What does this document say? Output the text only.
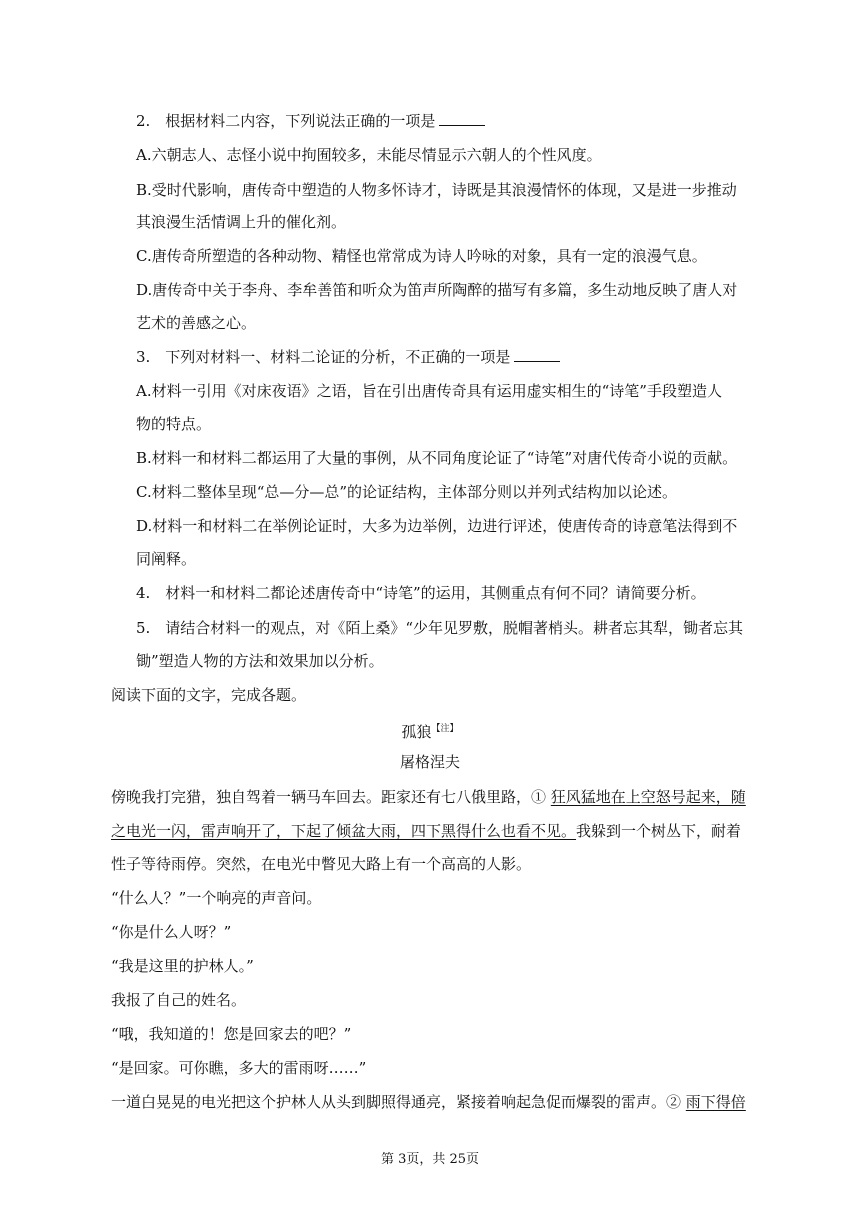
2.　根据材料二内容，下列说法正确的一项是
A.六朝志人、志怪小说中拘囿较多，未能尽情显示六朝人的个性风度。
B.受时代影响，唐传奇中塑造的人物多怀诗才，诗既是其浪漫情怀的体现，又是进一步推动
其浪漫生活情调上升的催化剂。
C.唐传奇所塑造的各种动物、精怪也常常成为诗人吟咏的对象，具有一定的浪漫气息。
D.唐传奇中关于李舟、李牟善笛和听众为笛声所陶醉的描写有多篇，多生动地反映了唐人对
艺术的善感之心。
3.　下列对材料一、材料二论证的分析，不正确的一项是
A.材料一引用《对床夜语》之语，旨在引出唐传奇具有运用虚实相生的“诗笔”手段塑造人
物的特点。
B.材料一和材料二都运用了大量的事例，从不同角度论证了“诗笔”对唐代传奇小说的贡献。
C.材料二整体呈现“总—分—总”的论证结构，主体部分则以并列式结构加以论述。
D.材料一和材料二在举例论证时，大多为边举例，边进行评述，使唐传奇的诗意笔法得到不
同阐释。
4.　材料一和材料二都论述唐传奇中“诗笔”的运用，其侧重点有何不同？请简要分析。
5.　请结合材料一的观点，对《陌上桑》“少年见罗敷，脱帽著梢头。耕者忘其犁，锄者忘其
锄”塑造人物的方法和效果加以分析。
阅读下面的文字，完成各题。
孤狼$^{【注】}$
屠格涅夫
傍晚我打完猎，独自驾着一辆马车回去。距家还有七八俄里路，① 狂风猛地在上空怒号起来，随
之电光一闪，雷声响开了，下起了倾盆大雨，四下黑得什么也看不见。我躲到一个树丛下，耐着
性子等待雨停。突然，在电光中瞥见大路上有一个高高的人影。
“什么人？”一个响亮的声音问。
“你是什么人呀？”
“我是这里的护林人。”
我报了自己的姓名。
“哦，我知道的！您是回家去的吧？”
“是回家。可你瞧，多大的雷雨呀……”
一道白晃晃的电光把这个护林人从头到脚照得通亮，紧接着响起急促而爆裂的雷声。② 雨下得倍
第 3页，共 25页
